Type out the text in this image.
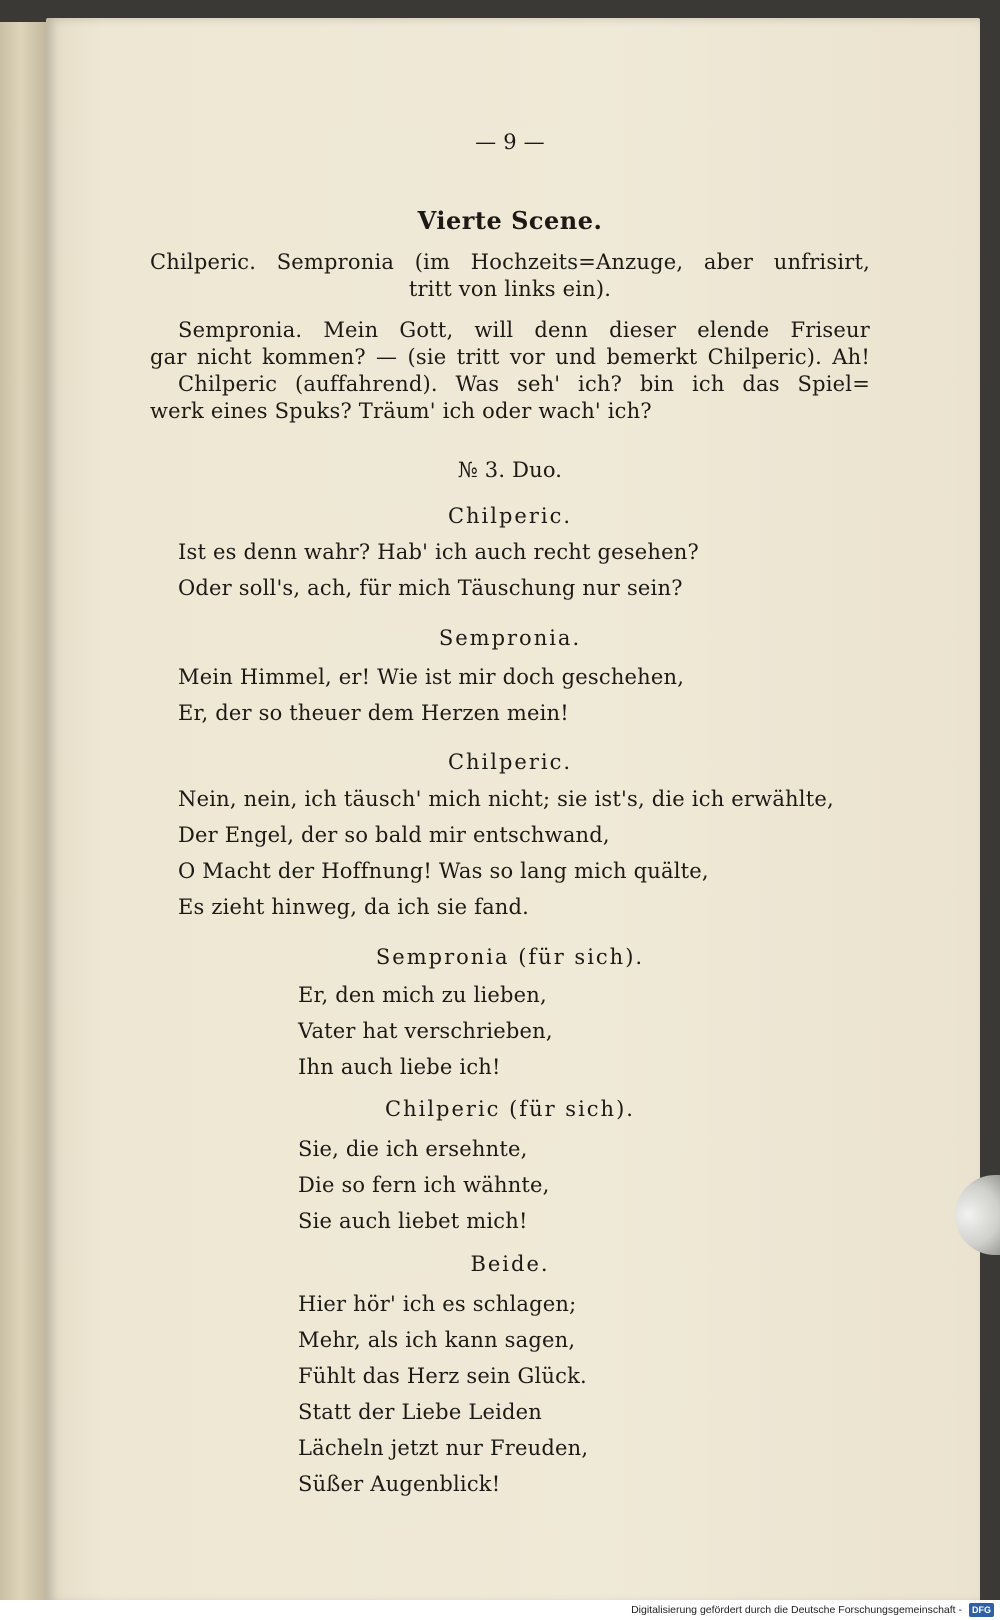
— 9 —
Vierte Scene.
Chilperic. Sempronia (im Hochzeits=Anzuge, aber unfrisirt,
tritt von links ein).
Sempronia. Mein Gott, will denn dieser elende Friseur
gar nicht kommen? — (sie tritt vor und bemerkt Chilperic). Ah!
Chilperic (auffahrend). Was seh' ich? bin ich das Spiel=
werk eines Spuks? Träum' ich oder wach' ich?
№ 3. Duo.
Chilperic.
Ist es denn wahr? Hab' ich auch recht gesehen?
Oder soll's, ach, für mich Täuschung nur sein?
Sempronia.
Mein Himmel, er! Wie ist mir doch geschehen,
Er, der so theuer dem Herzen mein!
Chilperic.
Nein, nein, ich täusch' mich nicht; sie ist's, die ich erwählte,
Der Engel, der so bald mir entschwand,
O Macht der Hoffnung! Was so lang mich quälte,
Es zieht hinweg, da ich sie fand.
Sempronia (für sich).
Er, den mich zu lieben,
Vater hat verschrieben,
Ihn auch liebe ich!
Chilperic (für sich).
Sie, die ich ersehnte,
Die so fern ich wähnte,
Sie auch liebet mich!
Beide.
Hier hör' ich es schlagen;
Mehr, als ich kann sagen,
Fühlt das Herz sein Glück.
Statt der Liebe Leiden
Lächeln jetzt nur Freuden,
Süßer Augenblick!
Digitalisierung gefördert durch die Deutsche Forschungsgemeinschaft -	DFG
